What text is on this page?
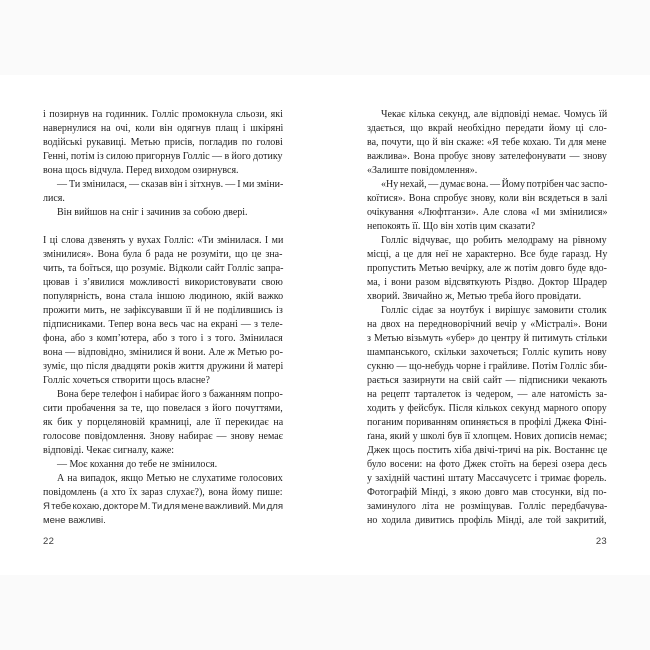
і позирнув на годинник. Голліс промокнула сльози, які
навернулися на очі, коли він одягнув плащ і шкіряні
водійські рукавиці. Метью присів, погладив по голові
Генні, потім із силою пригорнув Голліс — в його дотику
вона щось відчула. Перед виходом озирнувся.
— Ти змінилася, — сказав він і зітхнув. — І ми зміни-
лися.
Він вийшов на сніг і зачинив за собою двері.
І ці слова дзвенять у вухах Голліс: «Ти змінилася. І ми
змінилися». Вона була б рада не розуміти, що це зна-
чить, та боїться, що розуміє. Відколи сайт Голліс запра-
цював і з’явилися можливості використовувати свою
популярність, вона стала іншою людиною, якій важко
прожити мить, не зафіксувавши її й не поділившись із
підписниками. Тепер вона весь час на екрані — з теле-
фона, або з комп’ютера, або з того і з того. Змінилася
вона — відповідно, змінилися й вони. Але ж Метью ро-
зуміє, що після двадцяти років життя дружини й матері
Голліс хочеться створити щось власне?
Вона бере телефон і набирає його з бажанням попро-
сити пробачення за те, що повелася з його почуттями,
як бик у порцеляновій крамниці, але її перекидає на
голосове повідомлення. Знову набирає — знову немає
відповіді. Чекає сигналу, каже:
— Моє кохання до тебе не змінилося.
А на випадок, якщо Метью не слухатиме голосових
повідомлень (а хто їх зараз слухає?), вона йому пише:
Я тебе кохаю, докторе М. Ти для мене важливий. Ми для
мене важливі.
Чекає кілька секунд, але відповіді немає. Чомусь їй
здається, що вкрай необхідно передати йому ці сло-
ва, почути, що й він скаже: «Я тебе кохаю. Ти для мене
важлива». Вона пробує знову зателефонувати — знову
«Залиште повідомлення».
«Ну нехай, — думає вона. — Йому потрібен час заспо-
коїтися». Вона спробує знову, коли він всядеться в залі
очікування «Люфтганзи». Але слова «І ми змінилися»
непокоять її. Що він хотів цим сказати?
Голліс відчуває, що робить мелодраму на рівному
місці, а це для неї не характерно. Все буде гаразд. Ну
пропустить Метью вечірку, але ж потім довго буде вдо-
ма, і вони разом відсвяткують Різдво. Доктор Шрадер
хворий. Звичайно ж, Метью треба його провідати.
Голліс сідає за ноутбук і вирішує замовити столик
на двох на передноворічний вечір у «Містралі». Вони
з Метью візьмуть «убер» до центру й питимуть стільки
шампанського, скільки захочеться; Голліс купить нову
сукню — що-небудь чорне і грайливе. Потім Голліс зби-
рається зазирнути на свій сайт — підписники чекають
на рецепт тарталеток із чедером, — але натомість за-
ходить у фейсбук. Після кількох секунд марного опору
поганим пориванням опиняється в профілі Джека Фіні-
ґана, який у школі був її хлопцем. Нових дописів немає;
Джек щось постить хіба двічі-тричі на рік. Востаннє це
було восени: на фото Джек стоїть на березі озера десь
у західній частині штату Массачусетс і тримає форель.
Фотографій Мінді, з якою довго мав стосунки, від по-
заминулого літа не розміщував. Голліс передбачува-
но ходила дивитись профіль Мінді, але той закритий,
22	23
